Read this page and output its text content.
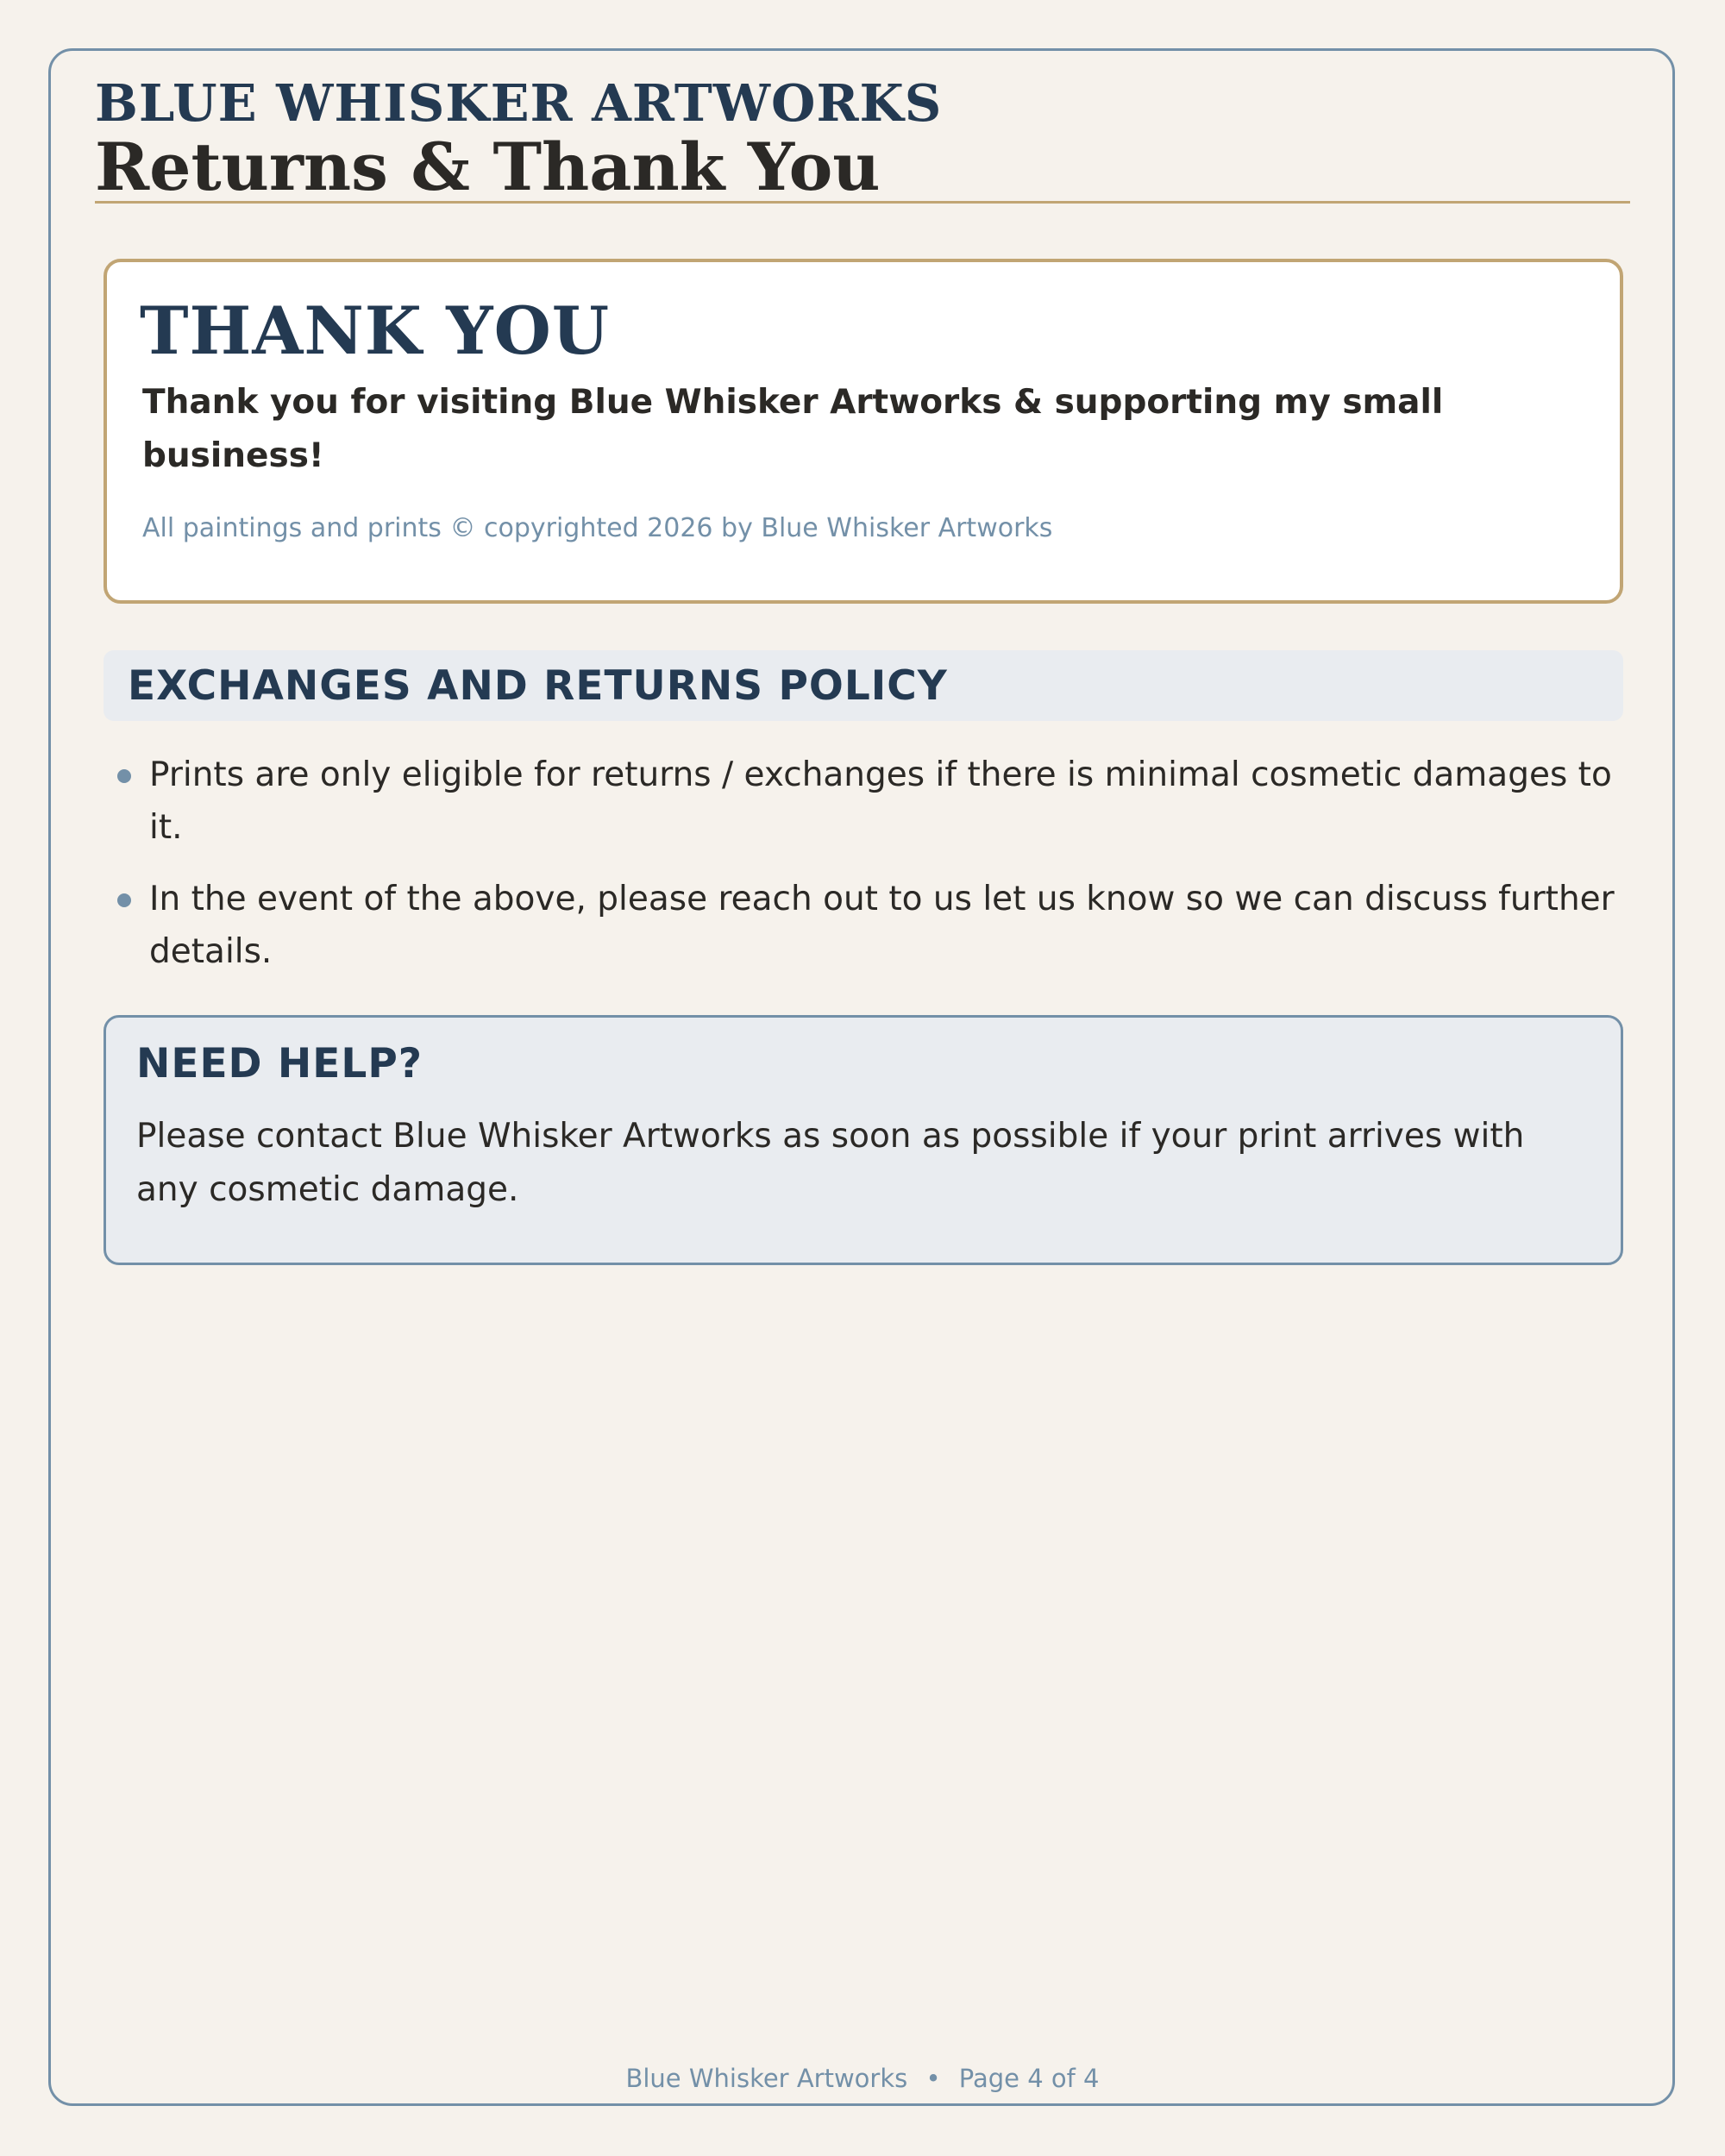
BLUE WHISKER ARTWORKS
Returns & Thank You
THANK YOU
Thank you for visiting Blue Whisker Artworks & supporting my small business!
All paintings and prints © copyrighted 2026 by Blue Whisker Artworks
EXCHANGES AND RETURNS POLICY
Prints are only eligible for returns / exchanges if there is minimal cosmetic damages to it.
In the event of the above, please reach out to us let us know so we can discuss further details.
NEED HELP?
Please contact Blue Whisker Artworks as soon as possible if your print arrives with any cosmetic damage.
Blue Whisker Artworks • Page 4 of 4
